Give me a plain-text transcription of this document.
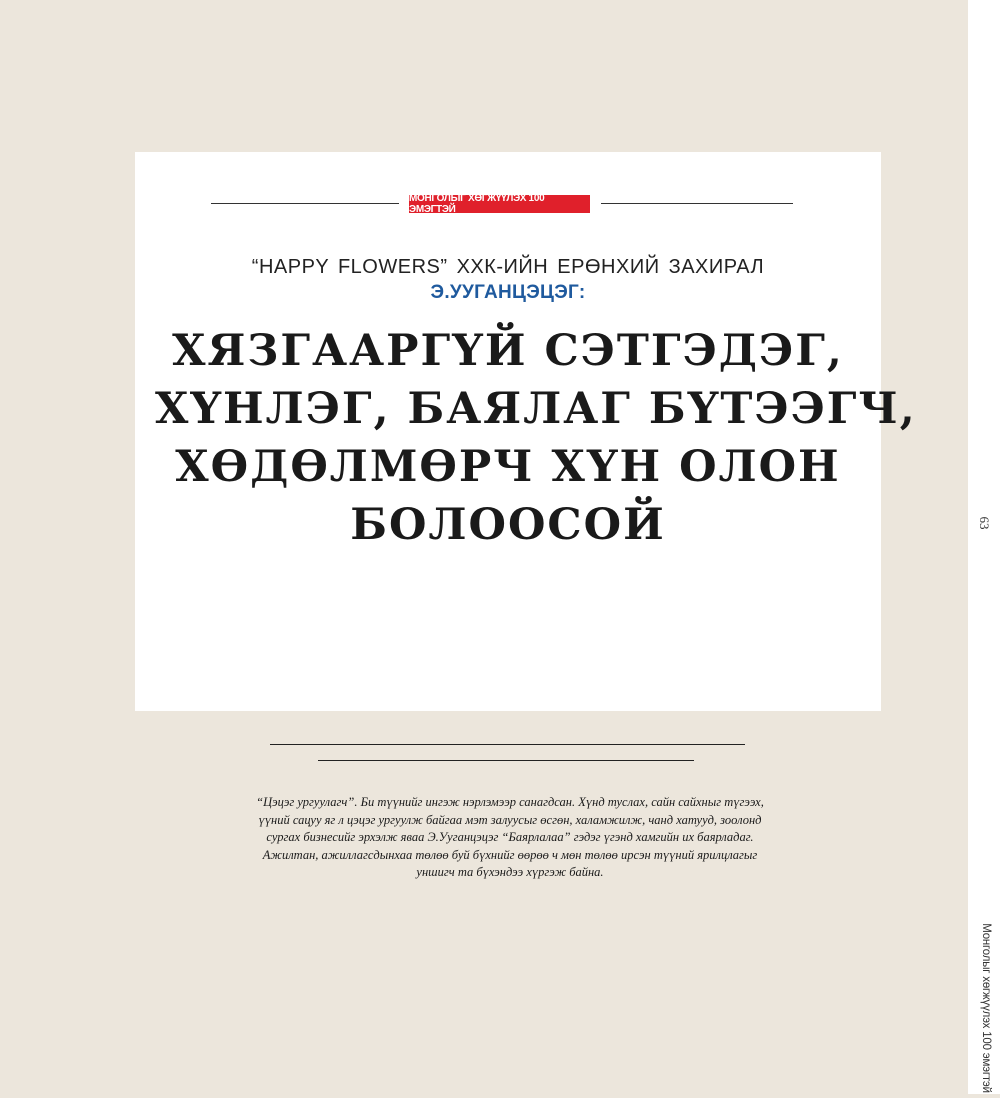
63
Монголыг хөгжүүлэх 100 эмэгтэй
МОНГОЛЫГ ХӨГЖҮҮЛЭХ 100 ЭМЭГТЭЙ
“HAPPY FLOWERS” ХХК-ИЙН ЕРӨНХИЙ ЗАХИРАЛ
Э.УУГАНЦЭЦЭГ:
ХЯЗГААРГҮЙ СЭТГЭДЭГ,
ХҮНЛЭГ, БАЯЛАГ БҮТЭЭГЧ,
ХӨДӨЛМӨРЧ ХҮН ОЛОН
БОЛООСОЙ
“Цэцэг ургуулагч”. Би түүнийг ингэж нэрлэмээр санагдсан. Хүнд туслах, сайн сайхныг түгээх,
үүний сацуу яг л цэцэг ургуулж байгаа мэт залуусыг өсгөн, халамжилж, чанд хатууд, зоолонд
сургах бизнесийг эрхэлж яваа Э.Ууганцэцэг “Баярлалаа” гэдэг үгэнд хамгийн их баярладаг.
Ажилтан, ажиллагсдынхаа төлөө буй бүхнийг өөрөө ч мөн төлөө ирсэн түүний ярилцлагыг
уншигч та бүхэндээ хүргэж байна.
